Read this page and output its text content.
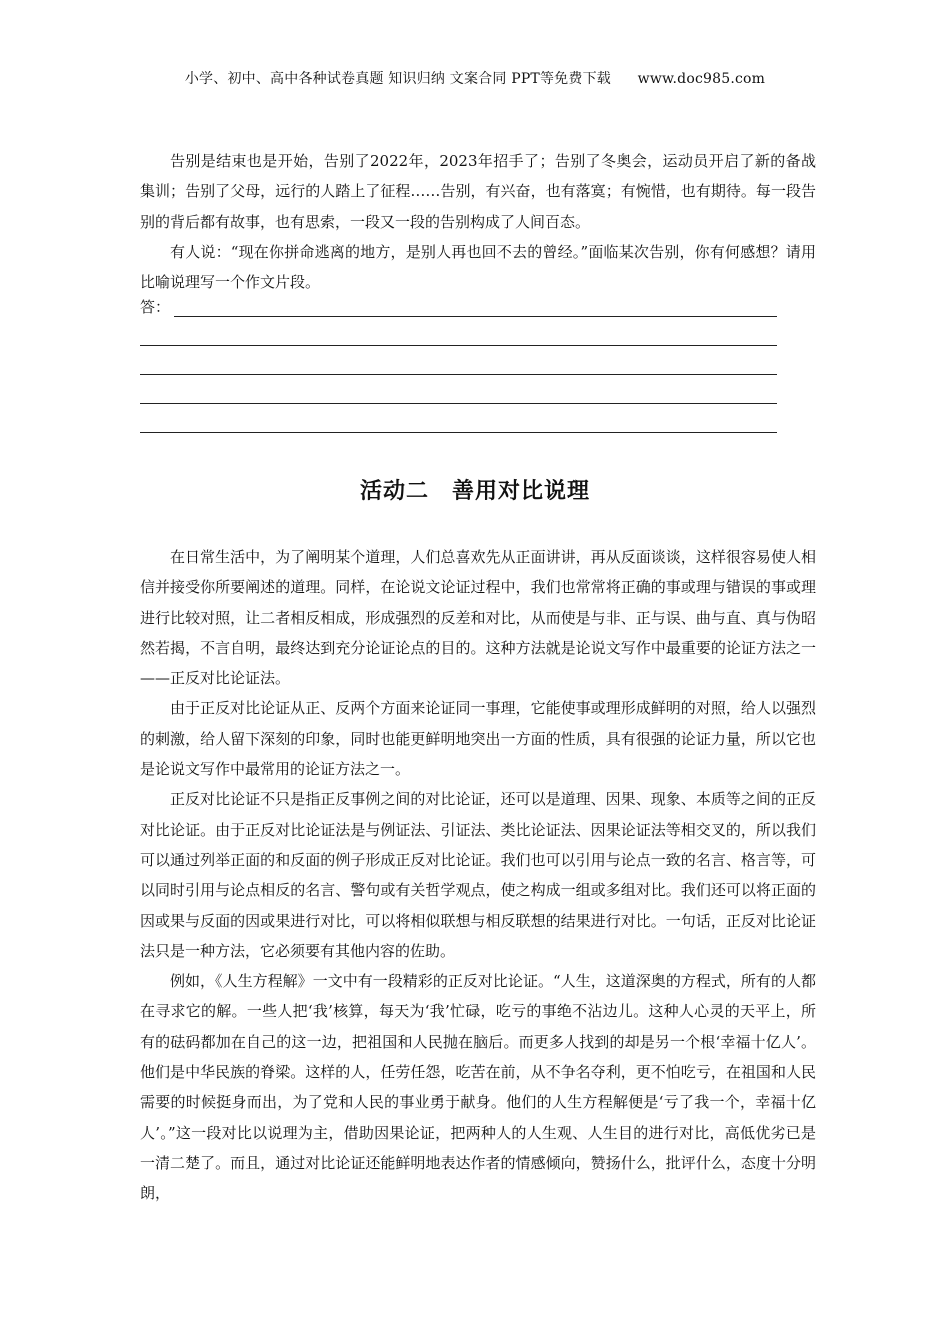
小学、初中、高中各种试卷真题 知识归纳 文案合同 PPT等免费下载 www.doc985.com

告别是结束也是开始，告别了2022年，2023年招手了；告别了冬奥会，运动员开启了新的备战集训；告别了父母，远行的人踏上了征程……告别，有兴奋，也有落寞；有惋惜，也有期待。每一段告别的背后都有故事，也有思索，一段又一段的告别构成了人间百态。

有人说：“现在你拼命逃离的地方，是别人再也回不去的曾经。”面临某次告别，你有何感想？请用比喻说理写一个作文片段。

答：
活动二　善用对比说理

在日常生活中，为了阐明某个道理，人们总喜欢先从正面讲讲，再从反面谈谈，这样很容易使人相信并接受你所要阐述的道理。同样，在论说文论证过程中，我们也常常将正确的事或理与错误的事或理进行比较对照，让二者相反相成，形成强烈的反差和对比，从而使是与非、正与误、曲与直、真与伪昭然若揭，不言自明，最终达到充分论证论点的目的。这种方法就是论说文写作中最重要的论证方法之一——正反对比论证法。

由于正反对比论证从正、反两个方面来论证同一事理，它能使事或理形成鲜明的对照，给人以强烈的刺激，给人留下深刻的印象，同时也能更鲜明地突出一方面的性质，具有很强的论证力量，所以它也是论说文写作中最常用的论证方法之一。

正反对比论证不只是指正反事例之间的对比论证，还可以是道理、因果、现象、本质等之间的正反对比论证。由于正反对比论证法是与例证法、引证法、类比论证法、因果论证法等相交叉的，所以我们可以通过列举正面的和反面的例子形成正反对比论证。我们也可以引用与论点一致的名言、格言等，可以同时引用与论点相反的名言、警句或有关哲学观点，使之构成一组或多组对比。我们还可以将正面的因或果与反面的因或果进行对比，可以将相似联想与相反联想的结果进行对比。一句话，正反对比论证法只是一种方法，它必须要有其他内容的佐助。

例如，《人生方程解》一文中有一段精彩的正反对比论证。“人生，这道深奥的方程式，所有的人都在寻求它的解。一些人把‘我’核算，每天为‘我’忙碌，吃亏的事绝不沾边儿。这种人心灵的天平上，所有的砝码都加在自己的这一边，把祖国和人民抛在脑后。而更多人找到的却是另一个根‘幸福十亿人’。他们是中华民族的脊梁。这样的人，任劳任怨，吃苦在前，从不争名夺利，更不怕吃亏，在祖国和人民需要的时候挺身而出，为了党和人民的事业勇于献身。他们的人生方程解便是‘亏了我一个，幸福十亿人’。”这一段对比以说理为主，借助因果论证，把两种人的人生观、人生目的进行对比，高低优劣已是一清二楚了。而且，通过对比论证还能鲜明地表达作者的情感倾向，赞扬什么，批评什么，态度十分明朗，
